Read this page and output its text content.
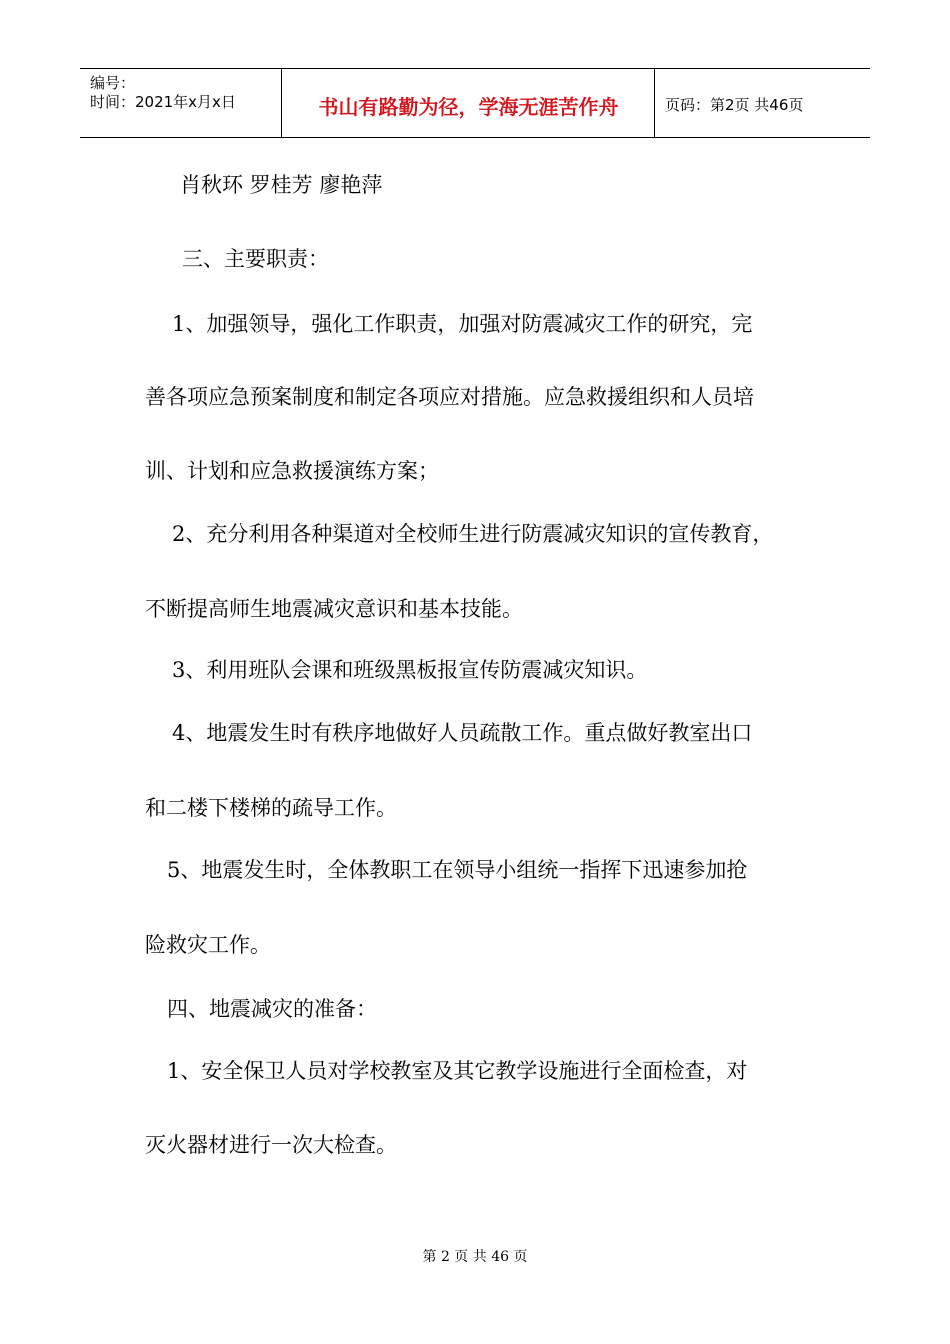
编号：
时间：2021年x月x日	书山有路勤为径，学海无涯苦作舟	页码：第2页 共46页
肖秋环 罗桂芳 廖艳萍
三、主要职责：
1、加强领导，强化工作职责，加强对防震减灾工作的研究，完
善各项应急预案制度和制定各项应对措施。应急救援组织和人员培
训、计划和应急救援演练方案；
2、充分利用各种渠道对全校师生进行防震减灾知识的宣传教育，
不断提高师生地震减灾意识和基本技能。
3、利用班队会课和班级黑板报宣传防震减灾知识。
4、地震发生时有秩序地做好人员疏散工作。重点做好教室出口
和二楼下楼梯的疏导工作。
5、地震发生时，全体教职工在领导小组统一指挥下迅速参加抢
险救灾工作。
四、地震减灾的准备：
1、安全保卫人员对学校教室及其它教学设施进行全面检查，对
灭火器材进行一次大检查。
第 2 页 共 46 页
